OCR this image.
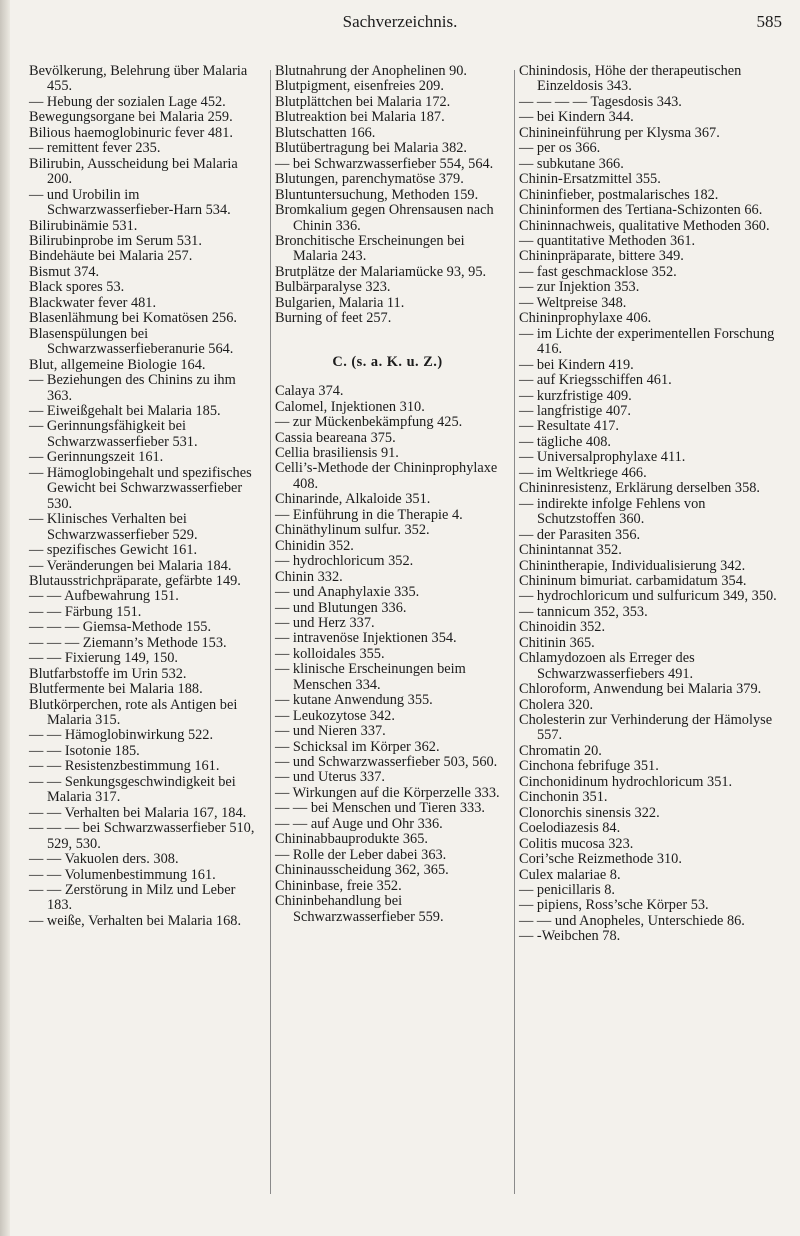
Sachverzeichnis.	585

Bevölkerung, Belehrung über Malaria 455.

— Hebung der sozialen Lage 452.

Bewegungsorgane bei Malaria 259.

Bilious haemoglobinuric fever 481.

— remittent fever 235.

Bilirubin, Ausscheidung bei Malaria 200.

— und Urobilin im Schwarzwasserfieber-Harn 534.

Bilirubinämie 531.

Bilirubinprobe im Serum 531.

Bindehäute bei Malaria 257.

Bismut 374.

Black spores 53.

Blackwater fever 481.

Blasenlähmung bei Komatösen 256.

Blasenspülungen bei Schwarzwasserfieberanurie 564.

Blut, allgemeine Biologie 164.

— Beziehungen des Chinins zu ihm 363.

— Eiweißgehalt bei Malaria 185.

— Gerinnungsfähigkeit bei Schwarzwasserfieber 531.

— Gerinnungszeit 161.

— Hämoglobingehalt und spezifisches Gewicht bei Schwarzwasserfieber 530.

— Klinisches Verhalten bei Schwarzwasserfieber 529.

— spezifisches Gewicht 161.

— Veränderungen bei Malaria 184.

Blutausstrichpräparate, gefärbte 149.

— — Aufbewahrung 151.

— — Färbung 151.

— — — Giemsa-Methode 155.

— — — Ziemann’s Methode 153.

— — Fixierung 149, 150.

Blutfarbstoffe im Urin 532.

Blutfermente bei Malaria 188.

Blutkörperchen, rote als Antigen bei Malaria 315.

— — Hämoglobinwirkung 522.

— — Isotonie 185.

— — Resistenzbestimmung 161.

— — Senkungsgeschwindigkeit bei Malaria 317.

— — Verhalten bei Malaria 167, 184.

— — — bei Schwarzwasserfieber 510, 529, 530.

— — Vakuolen ders. 308.

— — Volumenbestimmung 161.

— — Zerstörung in Milz und Leber 183.

— weiße, Verhalten bei Malaria 168.

Blutnahrung der Anophelinen 90.

Blutpigment, eisenfreies 209.

Blutplättchen bei Malaria 172.

Blutreaktion bei Malaria 187.

Blutschatten 166.

Blutübertragung bei Malaria 382.

— bei Schwarzwasserfieber 554, 564.

Blutungen, parenchymatöse 379.

Bluntuntersuchung, Methoden 159.

Bromkalium gegen Ohrensausen nach Chinin 336.

Bronchitische Erscheinungen bei Malaria 243.

Brutplätze der Malariamücke 93, 95.

Bulbärparalyse 323.

Bulgarien, Malaria 11.

Burning of feet 257.

C. (s. a. K. u. Z.)

Calaya 374.

Calomel, Injektionen 310.

— zur Mückenbekämpfung 425.

Cassia beareana 375.

Cellia brasiliensis 91.

Celli’s-Methode der Chininprophylaxe 408.

Chinarinde, Alkaloide 351.

— Einführung in die Therapie 4.

Chinäthylinum sulfur. 352.

Chinidin 352.

— hydrochloricum 352.

Chinin 332.

— und Anaphylaxie 335.

— und Blutungen 336.

— und Herz 337.

— intravenöse Injektionen 354.

— kolloidales 355.

— klinische Erscheinungen beim Menschen 334.

— kutane Anwendung 355.

— Leukozytose 342.

— und Nieren 337.

— Schicksal im Körper 362.

— und Schwarzwasserfieber 503, 560.

— und Uterus 337.

— Wirkungen auf die Körperzelle 333.

— — bei Menschen und Tieren 333.

— — auf Auge und Ohr 336.

Chininabbauprodukte 365.

— Rolle der Leber dabei 363.

Chininausscheidung 362, 365.

Chininbase, freie 352.

Chininbehandlung bei Schwarzwasserfieber 559.

Chinindosis, Höhe der therapeutischen Einzeldosis 343.

— — — — Tagesdosis 343.

— bei Kindern 344.

Chinineinführung per Klysma 367.

— per os 366.

— subkutane 366.

Chinin-Ersatzmittel 355.

Chininfieber, postmalarisches 182.

Chininformen des Tertiana-Schizonten 66.

Chininnachweis, qualitative Methoden 360.

— quantitative Methoden 361.

Chininpräparate, bittere 349.

— fast geschmacklose 352.

— zur Injektion 353.

— Weltpreise 348.

Chininprophylaxe 406.

— im Lichte der experimentellen Forschung 416.

— bei Kindern 419.

— auf Kriegsschiffen 461.

— kurzfristige 409.

— langfristige 407.

— Resultate 417.

— tägliche 408.

— Universalprophylaxe 411.

— im Weltkriege 466.

Chininresistenz, Erklärung derselben 358.

— indirekte infolge Fehlens von Schutzstoffen 360.

— der Parasiten 356.

Chinintannat 352.

Chinintherapie, Individualisierung 342.

Chininum bimuriat. carbamidatum 354.

— hydrochloricum und sulfuricum 349, 350.

— tannicum 352, 353.

Chinoidin 352.

Chitinin 365.

Chlamydozoen als Erreger des Schwarzwasserfiebers 491.

Chloroform, Anwendung bei Malaria 379.

Cholera 320.

Cholesterin zur Verhinderung der Hämolyse 557.

Chromatin 20.

Cinchona febrifuge 351.

Cinchonidinum hydrochloricum 351.

Cinchonin 351.

Clonorchis sinensis 322.

Coelodiazesis 84.

Colitis mucosa 323.

Cori’sche Reizmethode 310.

Culex malariae 8.

— penicillaris 8.

— pipiens, Ross’sche Körper 53.

— — und Anopheles, Unterschiede 86.

— -Weibchen 78.
